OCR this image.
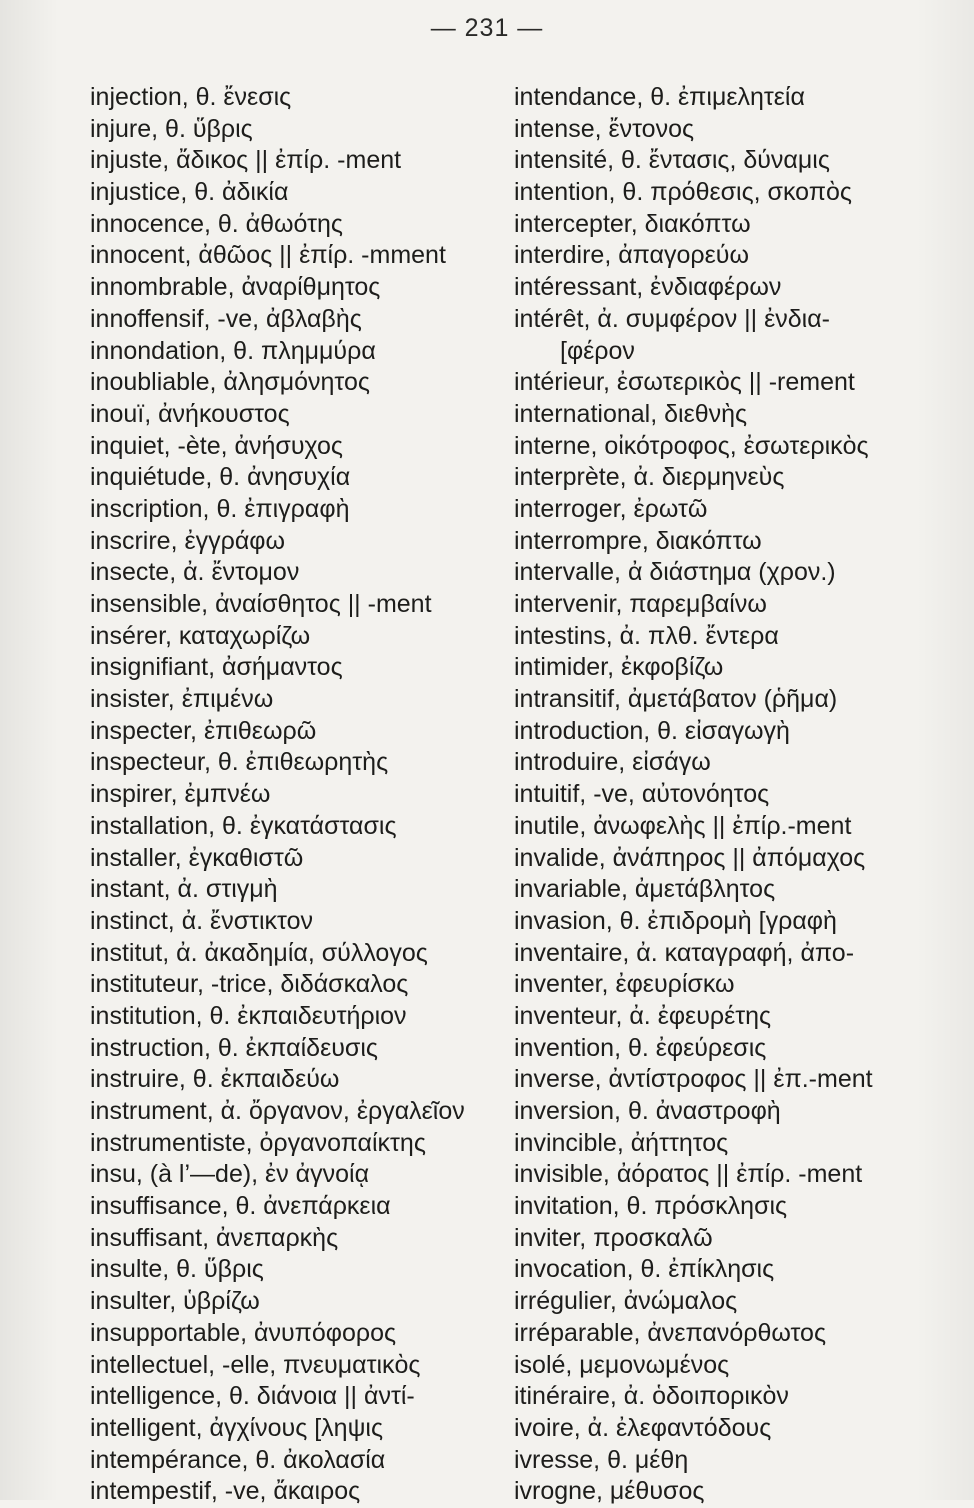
— 231 —
injection, θ. ἔνεσις
injure, θ. ὕβρις
injuste, ἄδικος || ἐπίρ. -ment
injustice, θ. ἀδικία
innocence, θ. ἀθωότης
innocent, ἀθῶος || ἐπίρ. -mment
innombrable, ἀναρίθμητος
innoffensif, -ve, ἀβλαβὴς
innondation, θ. πλημμύρα
inoubliable, ἀλησμόνητος
inouï, ἀνήκουστος
inquiet, -ète, ἀνήσυχος
inquiétude, θ. ἀνησυχία
inscription, θ. ἐπιγραφὴ
inscrire, ἐγγράφω
insecte, ἀ. ἔντομον
insensible, ἀναίσθητος || -ment
insérer, καταχωρίζω
insignifiant, ἀσήμαντος
insister, ἐπιμένω
inspecter, ἐπιθεωρῶ
inspecteur, θ. ἐπιθεωρητὴς
inspirer, ἐμπνέω
installation, θ. ἐγκατάστασις
installer, ἐγκαθιστῶ
instant, ἀ. στιγμὴ
instinct, ἀ. ἔνστικτον
institut, ἀ. ἀκαδημία, σύλλογος
instituteur, -trice, διδάσκαλος
institution, θ. ἐκπαιδευτήριον
instruction, θ. ἐκπαίδευσις
instruire, θ. ἐκπαιδεύω
instrument, ἀ. ὄργανον, ἐργαλεῖον
instrumentiste, ὀργανοπαίκτης
insu, (à l’—de), ἐν ἀγνοίᾳ
insuffisance, θ. ἀνεπάρκεια
insuffisant, ἀνεπαρκὴς
insulte, θ. ὕβρις
insulter, ὑβρίζω
insupportable, ἀνυπόφορος
intellectuel, -elle, πνευματικὸς
intelligence, θ. διάνοια || ἀντί-
intelligent, ἀγχίνους [ληψις
intempérance, θ. ἀκολασία
intempestif, -ve, ἄκαιρος
intendance, θ. ἐπιμελητεία
intense, ἔντονος
intensité, θ. ἔντασις, δύναμις
intention, θ. πρόθεσις, σκοπὸς
intercepter, διακόπτω
interdire, ἀπαγορεύω
intéressant, ἐνδιαφέρων
intérêt, ἀ. συμφέρον || ἐνδια-
[φέρον
intérieur, ἐσωτερικὸς || -rement
international, διεθνὴς
interne, οἰκότροφος, ἐσωτερικὸς
interprète, ἀ. διερμηνεὺς
interroger, ἐρωτῶ
interrompre, διακόπτω
intervalle, ἀ διάστημα (χρον.)
intervenir, παρεμβαίνω
intestins, ἀ. πλθ. ἔντερα
intimider, ἐκφοβίζω
intransitif, ἀμετάβατον (ῥῆμα)
introduction, θ. εἰσαγωγὴ
introduire, εἰσάγω
intuitif, -ve, αὐτονόητος
inutile, ἀνωφελὴς || ἐπίρ.-ment
invalide, ἀνάπηρος || ἀπόμαχος
invariable, ἀμετάβλητος
invasion, θ. ἐπιδρομὴ [γραφὴ
inventaire, ἀ. καταγραφή, ἀπο-
inventer, ἐφευρίσκω
inventeur, ἀ. ἐφευρέτης
invention, θ. ἐφεύρεσις
inverse, ἀντίστροφος || ἐπ.-ment
inversion, θ. ἀναστροφὴ
invincible, ἀήττητος
invisible, ἀόρατος || ἐπίρ. -ment
invitation, θ. πρόσκλησις
inviter, προσκαλῶ
invocation, θ. ἐπίκλησις
irrégulier, ἀνώμαλος
irréparable, ἀνεπανόρθωτος
isolé, μεμονωμένος
itinéraire, ἀ. ὁδοιπορικὸν
ivoire, ἀ. ἐλεφαντόδους
ivresse, θ. μέθη
ivrogne, μέθυσος
